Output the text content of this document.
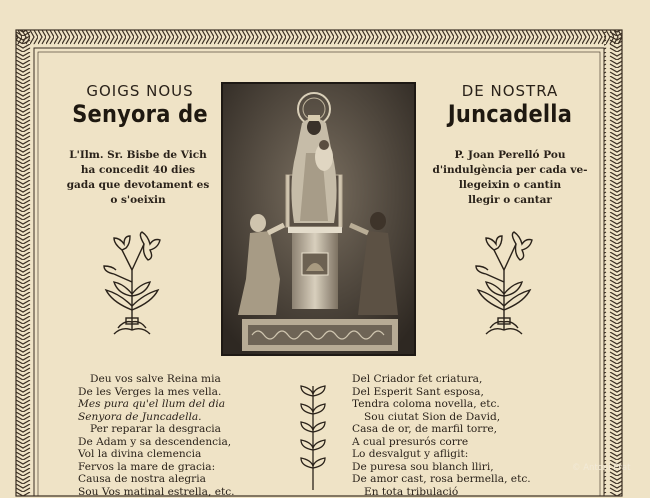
GOIGS NOUS
Senyora de
DE NOSTRA
Juncadella
L'Ilm. Sr. Bisbe de Vich
ha concedit 40 dies
gada que devotament es
o s'oeixin
P. Joan Perelló Pou
d'indulgència per cada ve-
llegeixin o cantin
llegir o cantar
Deu vos salve Reina mia
De les Verges la mes vella.
Mes pura qu'el llum del dia
Senyora de Juncadella.
Per reparar la desgracia
De Adam y sa descendencia,
Vol la divina clemencia
Fervos la mare de gracia:
Causa de nostra alegria
Sou Vos matinal estrella, etc.
Del Criador fet criatura,
Del Esperit Sant esposa,
Tendra coloma novella, etc.
Sou ciutat Sion de David,
Casa de or, de marfil torre,
A cual presurós corre
Lo desvalgut y afligit:
De puresa sou blanch lliri,
De amor cast, rosa bermella, etc.
En tota tribulació
© Antoni Prat
